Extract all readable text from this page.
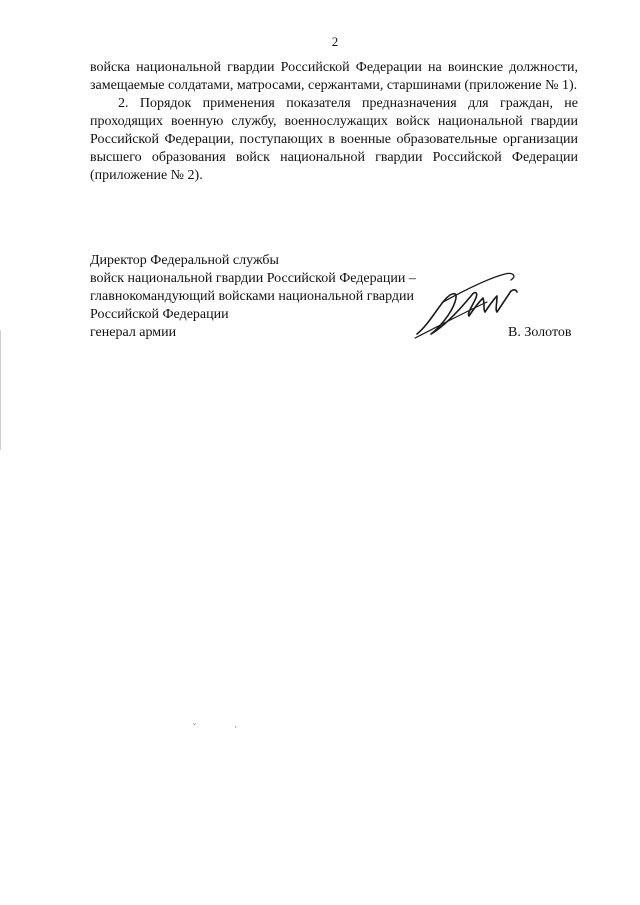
2

войска национальной гвардии Российской Федерации на воинские должности, замещаемые солдатами, матросами, сержантами, старшинами (приложение № 1).

2. Порядок применения показателя предназначения для граждан, не проходящих военную службу, военнослужащих войск национальной гвардии Российской Федерации, поступающих в военные образовательные организации высшего образования войск национальной гвардии Российской Федерации (приложение № 2).

Директор Федеральной службы
войск национальной гвардии Российской Федерации –
главнокомандующий войсками национальной гвардии
Российской Федерации
генерал армии	В. Золотов
˘ ·
